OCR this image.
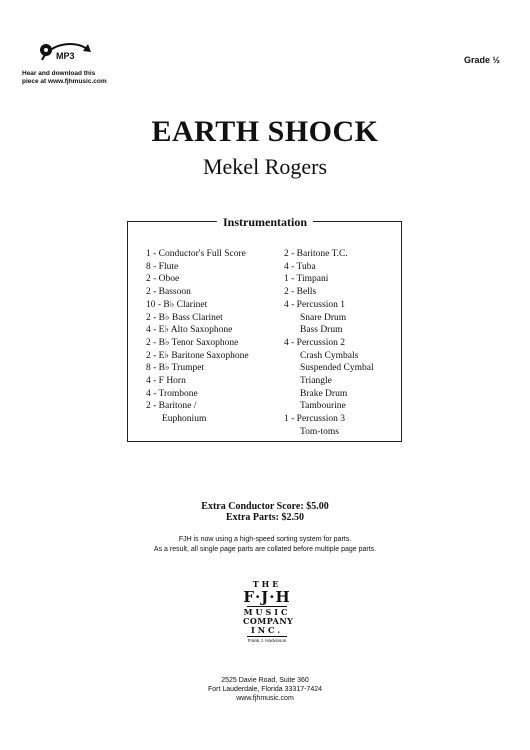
MP3
Hear and download this
piece at www.fjhmusic.com
Grade ½
EARTH SHOCK
Mekel Rogers
Instrumentation
1 - Conductor's Full Score
8 - Flute
2 - Oboe
2 - Bassoon
10 - B♭ Clarinet
2 - B♭ Bass Clarinet
4 - E♭ Alto Saxophone
2 - B♭ Tenor Saxophone
2 - E♭ Baritone Saxophone
8 - B♭ Trumpet
4 - F Horn
4 - Trombone
2 - Baritone /
Euphonium
2 - Baritone T.C.
4 - Tuba
1 - Timpani
2 - Bells
4 - Percussion 1
Snare Drum
Bass Drum
4 - Percussion 2
Crash Cymbals
Suspended Cymbal
Triangle
Brake Drum
Tambourine
1 - Percussion 3
Tom-toms
Extra Conductor Score: $5.00
Extra Parts: $2.50
FJH is now using a high-speed sorting system for parts.
As a result, all single page parts are collated before multiple page parts.
THE
F·J·H
MUSIC
COMPANY
INC.
Frank J. Hackinson
2525 Davie Road, Suite 360
Fort Lauderdale, Florida 33317-7424
www.fjhmusic.com
